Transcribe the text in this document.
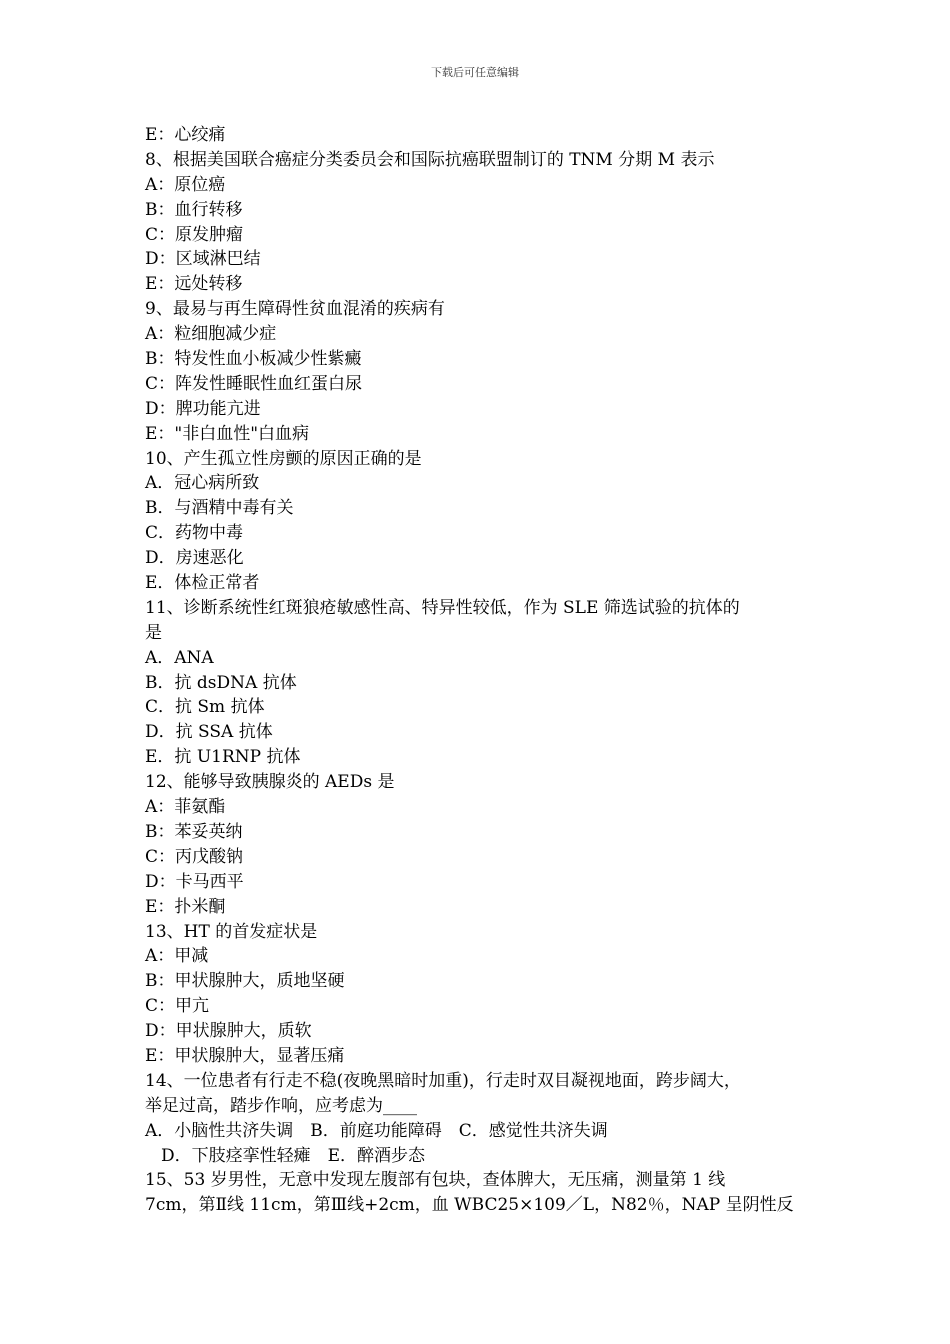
下载后可任意编辑
E：心绞痛
8、根据美国联合癌症分类委员会和国际抗癌联盟制订的 TNM 分期 M 表示
A：原位癌
B：血行转移
C：原发肿瘤
D：区域淋巴结
E：远处转移
9、最易与再生障碍性贫血混淆的疾病有
A：粒细胞减少症
B：特发性血小板减少性紫癜
C：阵发性睡眠性血红蛋白尿
D：脾功能亢进
E："非白血性"白血病
10、产生孤立性房颤的原因正确的是
A．冠心病所致
B．与酒精中毒有关
C．药物中毒
D．房速恶化
E．体检正常者
11、诊断系统性红斑狼疮敏感性高、特异性较低，作为 SLE 筛选试验的抗体的
是
A．ANA
B．抗 dsDNA 抗体
C．抗 Sm 抗体
D．抗 SSA 抗体
E．抗 U1RNP 抗体
12、能够导致胰腺炎的 AEDs 是
A：菲氨酯
B：苯妥英纳
C：丙戊酸钠
D：卡马西平
E：扑米酮
13、HT 的首发症状是
A：甲减
B：甲状腺肿大，质地坚硬
C：甲亢
D：甲状腺肿大，质软
E：甲状腺肿大，显著压痛
14、一位患者有行走不稳(夜晚黑暗时加重)，行走时双目凝视地面，跨步阔大，
举足过高，踏步作响，应考虑为____
A．小脑性共济失调　B．前庭功能障碍　C．感觉性共济失调
D．下肢痉挛性轻瘫　E．醉酒步态
15、53 岁男性，无意中发现左腹部有包块，查体脾大，无压痛，测量第 1 线
7cm，第Ⅱ线 11cm，第Ⅲ线+2cm，血 WBC25×109／L，N82％，NAP 呈阴性反
